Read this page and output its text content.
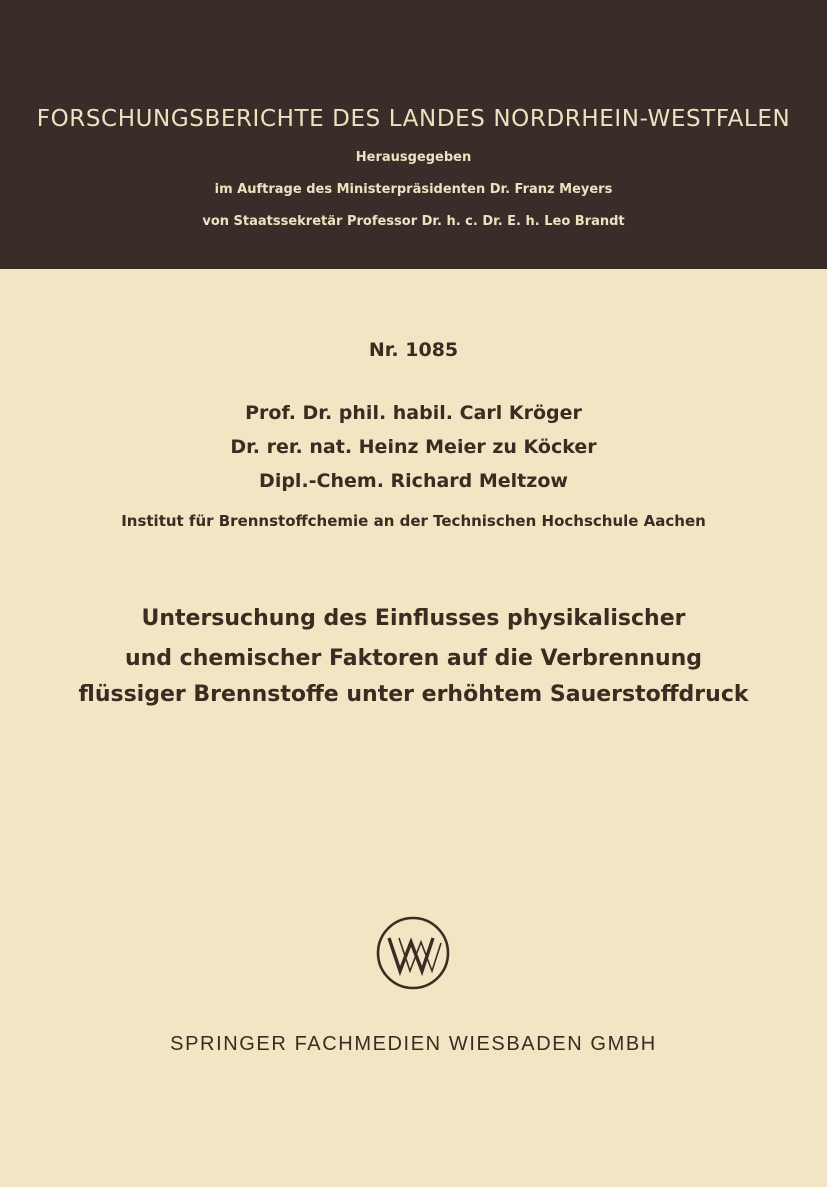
FORSCHUNGSBERICHTE DES LANDES NORDRHEIN-WESTFALEN
Herausgegeben
im Auftrage des Ministerpräsidenten Dr. Franz Meyers
von Staatssekretär Professor Dr. h. c. Dr. E. h. Leo Brandt
Nr. 1085
Prof. Dr. phil. habil. Carl Kröger
Dr. rer. nat. Heinz Meier zu Köcker
Dipl.-Chem. Richard Meltzow
Institut für Brennstoffchemie an der Technischen Hochschule Aachen
Untersuchung des Einflusses physikalischer
und chemischer Faktoren auf die Verbrennung
flüssiger Brennstoffe unter erhöhtem Sauerstoffdruck
SPRINGER FACHMEDIEN WIESBADEN GMBH
